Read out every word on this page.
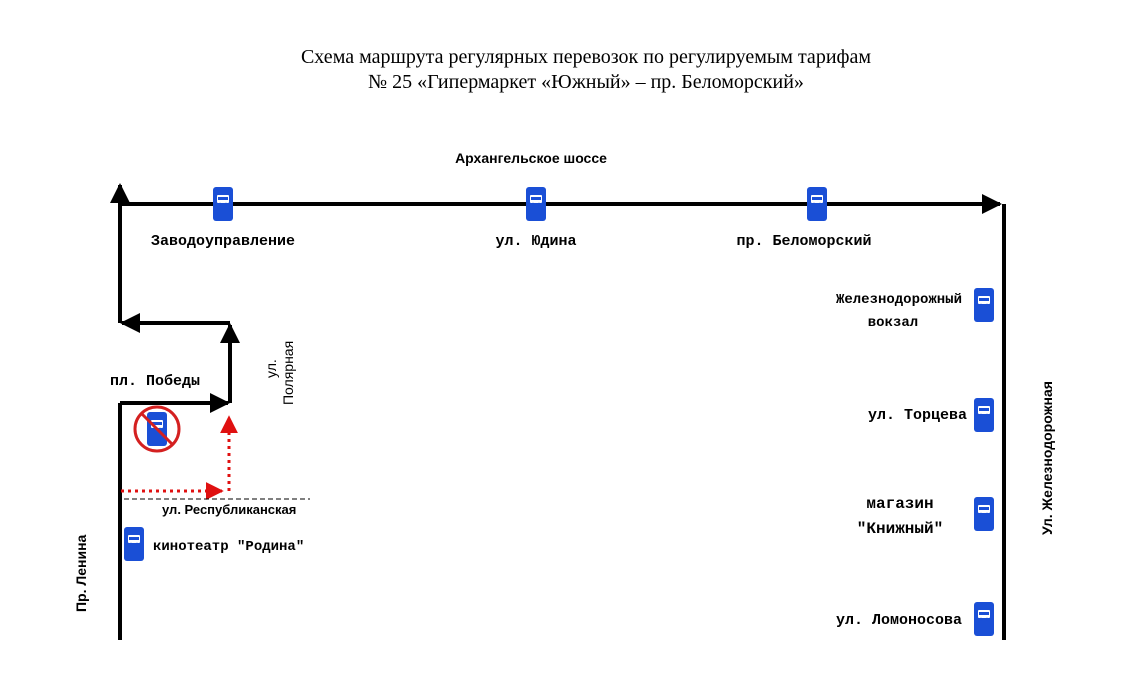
Схема маршрута регулярных перевозок по регулируемым тарифам
№ 25 «Гипермаркет «Южный» – пр. Беломорский»
Архангельское шоссе
ул. Полярная
ул. Республиканская
Пр. Ленина
Ул. Железнодорожная
Заводоуправление	ул. Юдина	пр. Беломорский
Железнодорожный
вокзал
пл. Победы
ул. Торцева
магазин
"Книжный"
кинотеатр "Родина"
ул. Ломоносова
